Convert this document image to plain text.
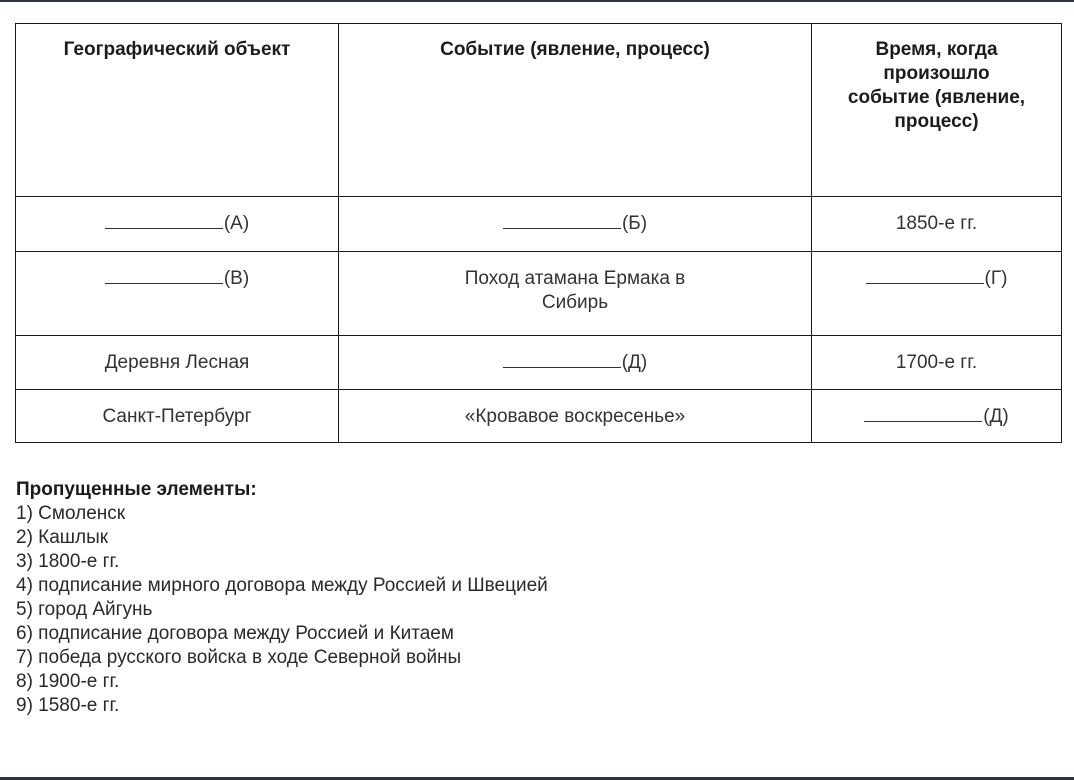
Географический объект	Событие (явление, процесс)	Время, когда произошло событие (явление, процесс)
(А)	(Б)	1850-е гг.
(В)	Поход атамана Ермака в Сибирь	(Г)
Деревня Лесная	(Д)	1700-е гг.
Санкт-Петербург	«Кровавое воскресенье»	(Д)
Пропущенные элементы:
1) Смоленск
2) Кашлык
3) 1800-е гг.
4) подписание мирного договора между Россией и Швецией
5) город Айгунь
6) подписание договора между Россией и Китаем
7) победа русского войска в ходе Северной войны
8) 1900-е гг.
9) 1580-е гг.
